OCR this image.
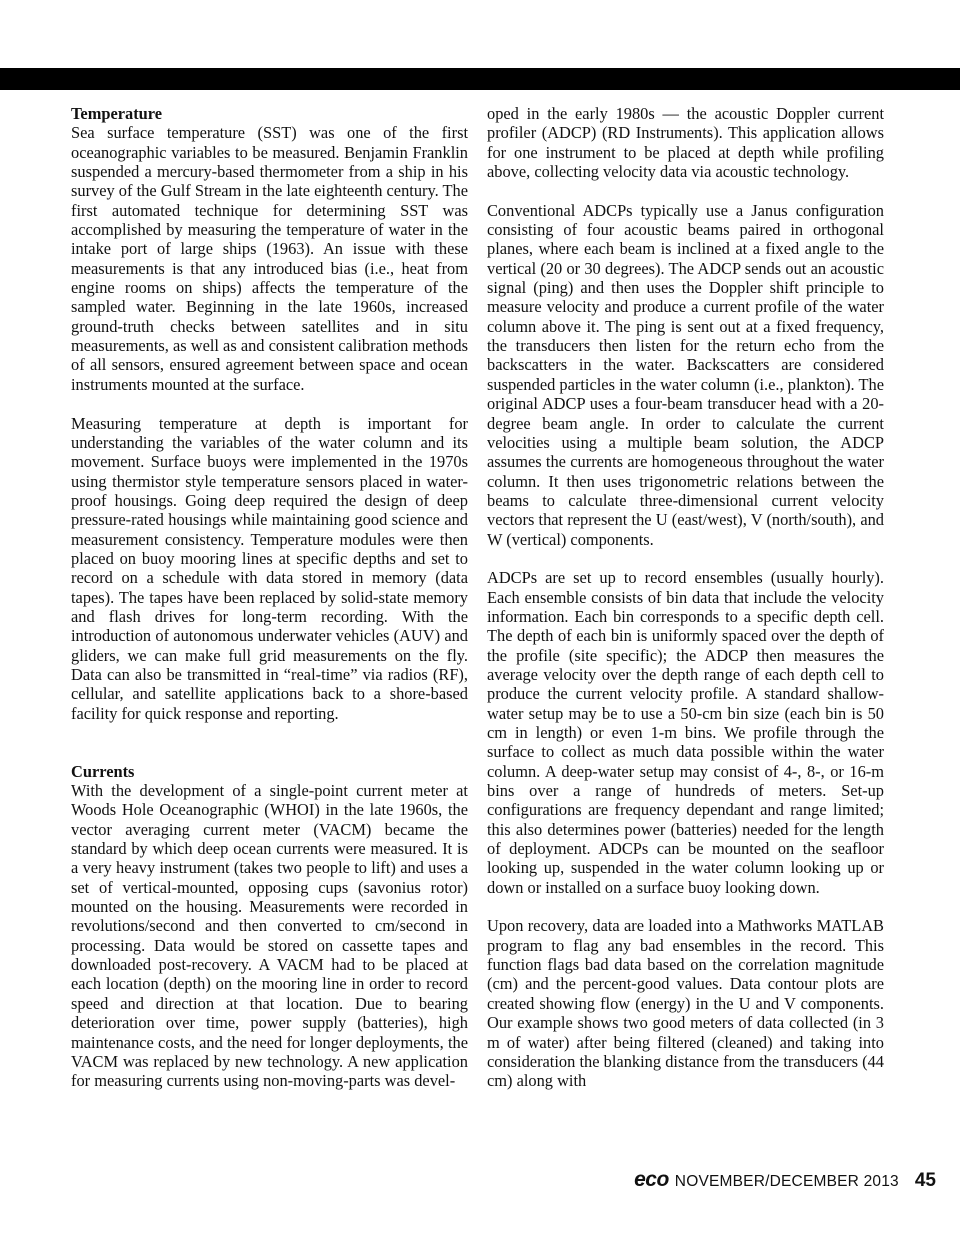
Temperature

Sea surface temperature (SST) was one of the first oceanographic variables to be measured. Benjamin Franklin suspended a mercury-based thermometer from a ship in his survey of the Gulf Stream in the late eighteenth century. The first automated technique for determining SST was accomplished by measuring the temperature of water in the intake port of large ships (1963). An issue with these measurements is that any introduced bias (i.e., heat from engine rooms on ships) affects the temperature of the sampled water. Beginning in the late 1960s, increased ground-truth checks between satellites and in situ measurements, as well as and consistent calibration methods of all sensors, ensured agreement between space and ocean instruments mounted at the surface.

Measuring temperature at depth is important for understanding the variables of the water column and its movement. Surface buoys were implemented in the 1970s using thermistor style temperature sensors placed in water-proof housings. Going deep required the design of deep pressure-rated housings while maintaining good science and measurement consistency. Temperature modules were then placed on buoy mooring lines at specific depths and set to record on a schedule with data stored in memory (data tapes). The tapes have been replaced by solid-state memory and flash drives for long-term recording. With the introduction of autonomous underwater vehicles (AUV) and gliders, we can make full grid measurements on the fly. Data can also be transmitted in “real-time” via radios (RF), cellular, and satellite applications back to a shore-based facility for quick response and reporting.

Currents

With the development of a single-point current meter at Woods Hole Oceanographic (WHOI) in the late 1960s, the vector averaging current meter (VACM) became the standard by which deep ocean currents were measured. It is a very heavy instrument (takes two people to lift) and uses a set of vertical-mounted, opposing cups (savonius rotor) mounted on the housing. Measurements were recorded in revolutions/second and then converted to cm/second in processing. Data would be stored on cassette tapes and downloaded post-recovery. A VACM had to be placed at each location (depth) on the mooring line in order to record speed and direction at that location. Due to bearing deterioration over time, power supply (batteries), high maintenance costs, and the need for longer deployments, the VACM was replaced by new technology. A new application for measuring currents using non-moving-parts was devel-

oped in the early 1980s — the acoustic Doppler current profiler (ADCP) (RD Instruments). This application allows for one instrument to be placed at depth while profiling above, collecting velocity data via acoustic technology.

Conventional ADCPs typically use a Janus configuration consisting of four acoustic beams paired in orthogonal planes, where each beam is inclined at a fixed angle to the vertical (20 or 30 degrees). The ADCP sends out an acoustic signal (ping) and then uses the Doppler shift principle to measure velocity and produce a current profile of the water column above it. The ping is sent out at a fixed frequency, the transducers then listen for the return echo from the backscatters in the water. Backscatters are considered suspended particles in the water column (i.e., plankton). The original ADCP uses a four-beam transducer head with a 20-degree beam angle. In order to calculate the current velocities using a multiple beam solution, the ADCP assumes the currents are homogeneous throughout the water column. It then uses trigonometric relations between the beams to calculate three-dimensional current velocity vectors that represent the U (east/west), V (north/south), and W (vertical) components.

ADCPs are set up to record ensembles (usually hourly). Each ensemble consists of bin data that include the velocity information. Each bin corresponds to a specific depth cell. The depth of each bin is uniformly spaced over the depth of the profile (site specific); the ADCP then measures the average velocity over the depth range of each depth cell to produce the current velocity profile. A standard shallow-water setup may be to use a 50-cm bin size (each bin is 50 cm in length) or even 1-m bins. We profile through the surface to collect as much data possible within the water column. A deep-water setup may consist of 4-, 8-, or 16-m bins over a range of hundreds of meters. Set-up configurations are frequency dependant and range limited; this also determines power (batteries) needed for the length of deployment. ADCPs can be mounted on the seafloor looking up, suspended in the water column looking up or down or installed on a surface buoy looking down.

Upon recovery, data are loaded into a Mathworks MATLAB program to flag any bad ensembles in the record. This function flags bad data based on the correlation magnitude (cm) and the percent-good values. Data contour plots are created showing flow (energy) in the U and V components. Our example shows two good meters of data collected (in 3 m of water) after being filtered (cleaned) and taking into consideration the blanking distance from the transducers (44 cm) along with

eco NOVEMBER/DECEMBER 2013 45
